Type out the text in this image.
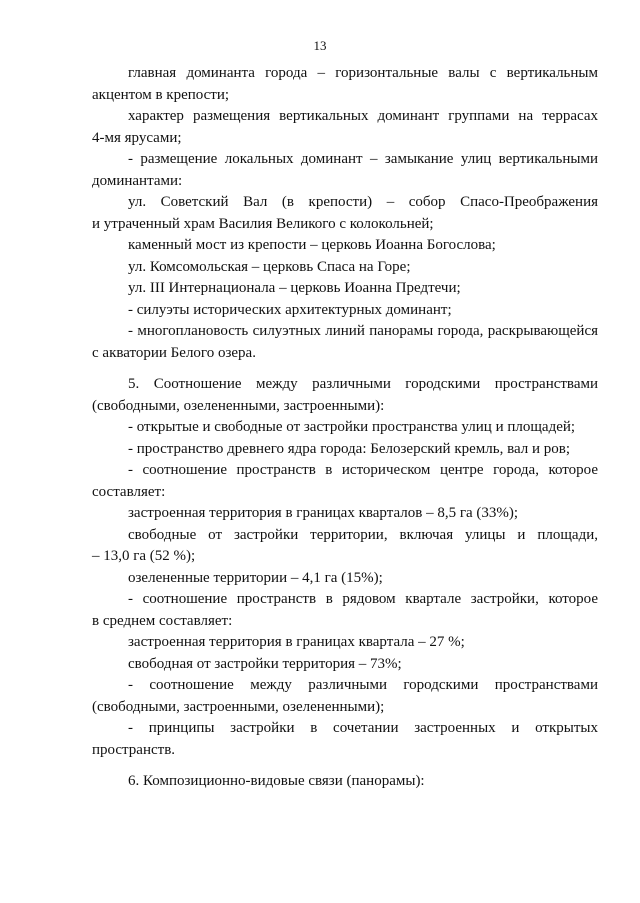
13
главная доминанта города – горизонтальные валы с вертикальным
акцентом в крепости;
характер размещения вертикальных доминант группами на террасах
4-мя ярусами;
- размещение локальных доминант – замыкание улиц вертикальными
доминантами:
ул. Советский Вал (в крепости) – собор Спасо-Преображения
и утраченный храм Василия Великого с колокольней;
каменный мост из крепости – церковь Иоанна Богослова;
ул. Комсомольская – церковь Спаса на Горе;
ул. III Интернационала – церковь Иоанна Предтечи;
- силуэты исторических архитектурных доминант;
- многоплановость силуэтных линий панорамы города, раскрывающейся
с акватории Белого озера.
5. Соотношение между различными городскими пространствами
(свободными, озелененными, застроенными):
- открытые и свободные от застройки пространства улиц и площадей;
- пространство древнего ядра города: Белозерский кремль, вал и ров;
- соотношение пространств в историческом центре города, которое
составляет:
застроенная территория в границах кварталов – 8,5 га (33%);
свободные от застройки территории, включая улицы и площади,
– 13,0 га (52 %);
озелененные территории – 4,1 га (15%);
- соотношение пространств в рядовом квартале застройки, которое
в среднем составляет:
застроенная территория в границах квартала – 27 %;
свободная от застройки территория – 73%;
- соотношение между различными городскими пространствами
(свободными, застроенными, озелененными);
- принципы застройки в сочетании застроенных и открытых
пространств.
6. Композиционно-видовые связи (панорамы):
